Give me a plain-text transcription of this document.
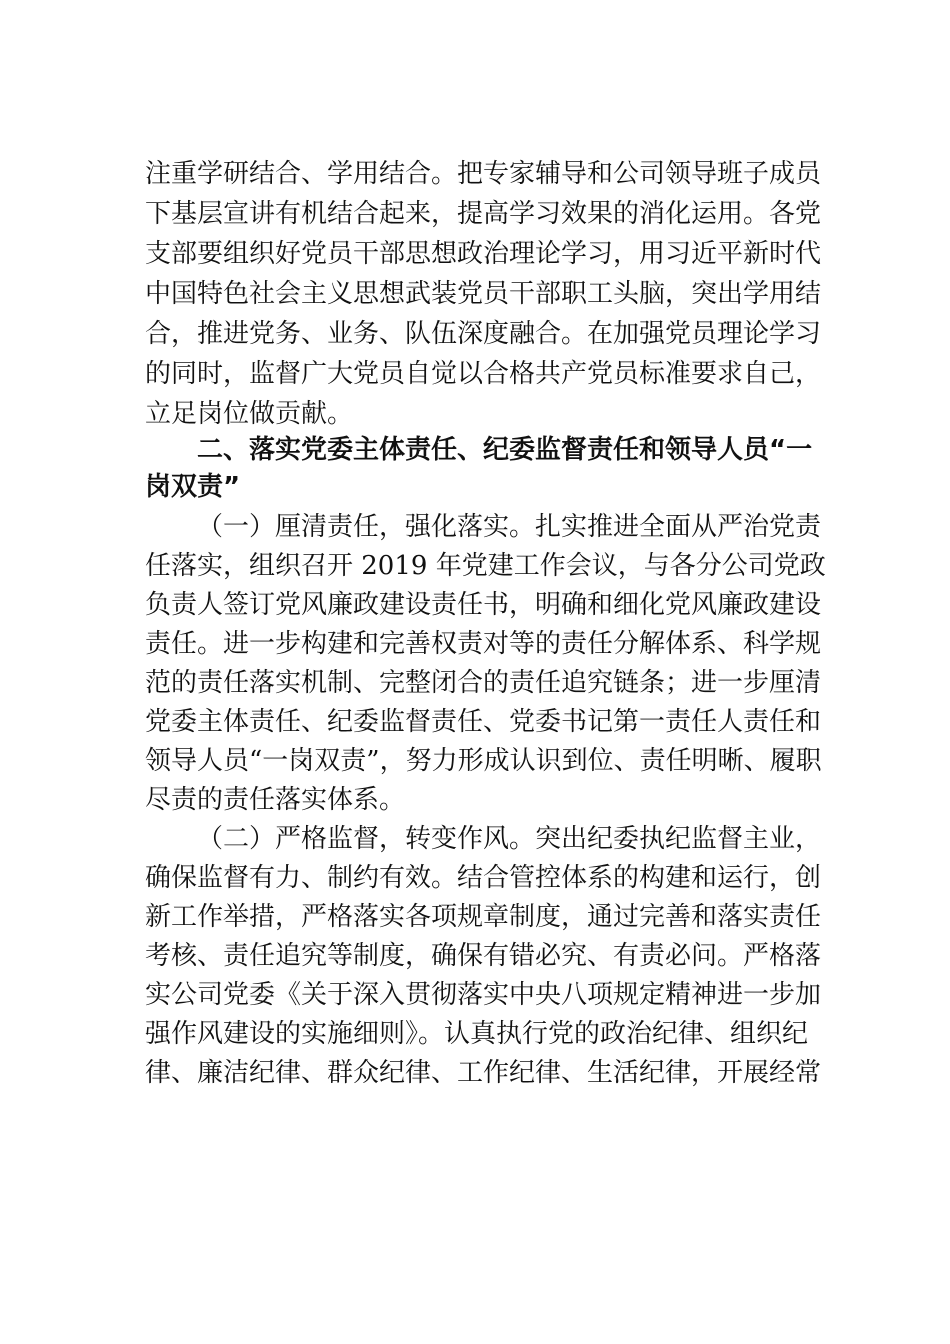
注重学研结合、学用结合。把专家辅导和公司领导班子成员
下基层宣讲有机结合起来，提高学习效果的消化运用。各党
支部要组织好党员干部思想政治理论学习，用习近平新时代
中国特色社会主义思想武装党员干部职工头脑，突出学用结
合，推进党务、业务、队伍深度融合。在加强党员理论学习
的同时，监督广大党员自觉以合格共产党员标准要求自己，
立足岗位做贡献。
二、落实党委主体责任、纪委监督责任和领导人员“一
岗双责”
（一）厘清责任，强化落实。扎实推进全面从严治党责
任落实，组织召开 2019 年党建工作会议，与各分公司党政
负责人签订党风廉政建设责任书，明确和细化党风廉政建设
责任。进一步构建和完善权责对等的责任分解体系、科学规
范的责任落实机制、完整闭合的责任追究链条；进一步厘清
党委主体责任、纪委监督责任、党委书记第一责任人责任和
领导人员“一岗双责”，努力形成认识到位、责任明晰、履职
尽责的责任落实体系。
（二）严格监督，转变作风。突出纪委执纪监督主业，
确保监督有力、制约有效。结合管控体系的构建和运行，创
新工作举措，严格落实各项规章制度，通过完善和落实责任
考核、责任追究等制度，确保有错必究、有责必问。严格落
实公司党委《关于深入贯彻落实中央八项规定精神进一步加
强作风建设的实施细则》。认真执行党的政治纪律、组织纪
律、廉洁纪律、群众纪律、工作纪律、生活纪律，开展经常
